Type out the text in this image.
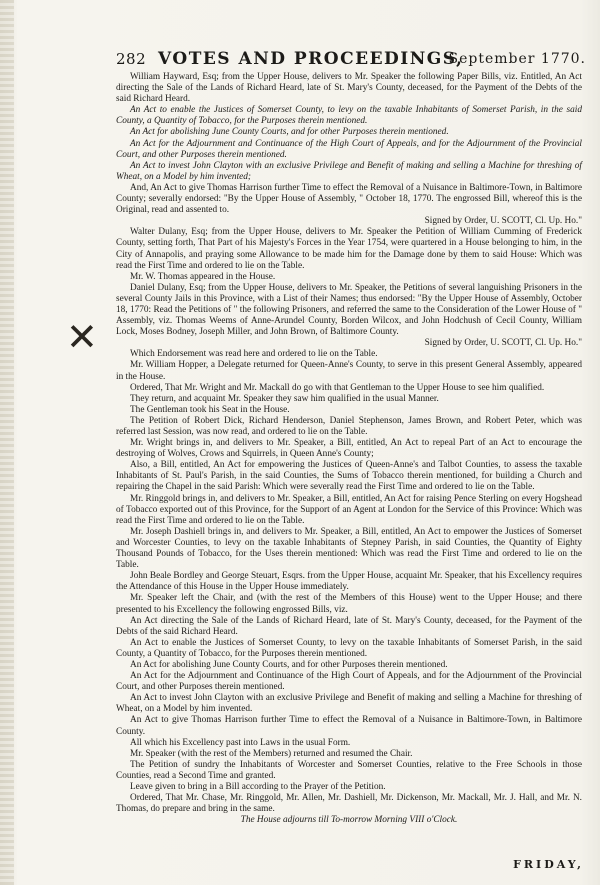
282 VOTES AND PROCEEDINGS,
September 1770.
✕

William Hayward, Esq; from the Upper House, delivers to Mr. Speaker the following Paper Bills, viz. Entitled, An Act directing the Sale of the Lands of Richard Heard, late of St. Mary's County, deceased, for the Payment of the Debts of the said Richard Heard.

An Act to enable the Justices of Somerset County, to levy on the taxable Inhabitants of Somerset Parish, in the said County, a Quantity of Tobacco, for the Purposes therein mentioned.

An Act for abolishing June County Courts, and for other Purposes therein mentioned.

An Act for the Adjournment and Continuance of the High Court of Appeals, and for the Adjournment of the Provincial Court, and other Purposes therein mentioned.

An Act to invest John Clayton with an exclusive Privilege and Benefit of making and selling a Machine for threshing of Wheat, on a Model by him invented;

And, An Act to give Thomas Harrison further Time to effect the Removal of a Nuisance in Baltimore-Town, in Baltimore County; severally endorsed: "By the Upper House of Assembly, " October 18, 1770. The engrossed Bill, whereof this is the Original, read and assented to.

Signed by Order, U. SCOTT, Cl. Up. Ho."

Walter Dulany, Esq; from the Upper House, delivers to Mr. Speaker the Petition of William Cumming of Frederick County, setting forth, That Part of his Majesty's Forces in the Year 1754, were quartered in a House belonging to him, in the City of Annapolis, and praying some Allowance to be made him for the Damage done by them to said House: Which was read the First Time and ordered to lie on the Table.

Mr. W. Thomas appeared in the House.

Daniel Dulany, Esq; from the Upper House, delivers to Mr. Speaker, the Petitions of several languishing Prisoners in the several County Jails in this Province, with a List of their Names; thus endorsed: "By the Upper House of Assembly, October 18, 1770: Read the Petitions of " the following Prisoners, and referred the same to the Consideration of the Lower House of " Assembly, viz. Thomas Weems of Anne-Arundel County, Borden Wilcox, and John Hodchush of Cecil County, William Lock, Moses Bodney, Joseph Miller, and John Brown, of Baltimore County.

Signed by Order, U. SCOTT, Cl. Up. Ho."

Which Endorsement was read here and ordered to lie on the Table.

Mr. William Hopper, a Delegate returned for Queen-Anne's County, to serve in this present General Assembly, appeared in the House.

Ordered, That Mr. Wright and Mr. Mackall do go with that Gentleman to the Upper House to see him qualified.

They return, and acquaint Mr. Speaker they saw him qualified in the usual Manner.

The Gentleman took his Seat in the House.

The Petition of Robert Dick, Richard Henderson, Daniel Stephenson, James Brown, and Robert Peter, which was referred last Session, was now read, and ordered to lie on the Table.

Mr. Wright brings in, and delivers to Mr. Speaker, a Bill, entitled, An Act to repeal Part of an Act to encourage the destroying of Wolves, Crows and Squirrels, in Queen Anne's County;

Also, a Bill, entitled, An Act for empowering the Justices of Queen-Anne's and Talbot Counties, to assess the taxable Inhabitants of St. Paul's Parish, in the said Counties, the Sums of Tobacco therein mentioned, for building a Church and repairing the Chapel in the said Parish: Which were severally read the First Time and ordered to lie on the Table.

Mr. Ringgold brings in, and delivers to Mr. Speaker, a Bill, entitled, An Act for raising Pence Sterling on every Hogshead of Tobacco exported out of this Province, for the Support of an Agent at London for the Service of this Province: Which was read the First Time and ordered to lie on the Table.

Mr. Joseph Dashiell brings in, and delivers to Mr. Speaker, a Bill, entitled, An Act to empower the Justices of Somerset and Worcester Counties, to levy on the taxable Inhabitants of Stepney Parish, in said Counties, the Quantity of Eighty Thousand Pounds of Tobacco, for the Uses therein mentioned: Which was read the First Time and ordered to lie on the Table.

John Beale Bordley and George Steuart, Esqrs. from the Upper House, acquaint Mr. Speaker, that his Excellency requires the Attendance of this House in the Upper House immediately.

Mr. Speaker left the Chair, and (with the rest of the Members of this House) went to the Upper House; and there presented to his Excellency the following engrossed Bills, viz.

An Act directing the Sale of the Lands of Richard Heard, late of St. Mary's County, deceased, for the Payment of the Debts of the said Richard Heard.

An Act to enable the Justices of Somerset County, to levy on the taxable Inhabitants of Somerset Parish, in the said County, a Quantity of Tobacco, for the Purposes therein mentioned.

An Act for abolishing June County Courts, and for other Purposes therein mentioned.

An Act for the Adjournment and Continuance of the High Court of Appeals, and for the Adjournment of the Provincial Court, and other Purposes therein mentioned.

An Act to invest John Clayton with an exclusive Privilege and Benefit of making and selling a Machine for threshing of Wheat, on a Model by him invented.

An Act to give Thomas Harrison further Time to effect the Removal of a Nuisance in Baltimore-Town, in Baltimore County.

All which his Excellency past into Laws in the usual Form.

Mr. Speaker (with the rest of the Members) returned and resumed the Chair.

The Petition of sundry the Inhabitants of Worcester and Somerset Counties, relative to the Free Schools in those Counties, read a Second Time and granted.

Leave given to bring in a Bill according to the Prayer of the Petition.

Ordered, That Mr. Chase, Mr. Ringgold, Mr. Allen, Mr. Dashiell, Mr. Dickenson, Mr. Mackall, Mr. J. Hall, and Mr. N. Thomas, do prepare and bring in the same.

The House adjourns till To-morrow Morning VIII o'Clock.

FRIDAY,
